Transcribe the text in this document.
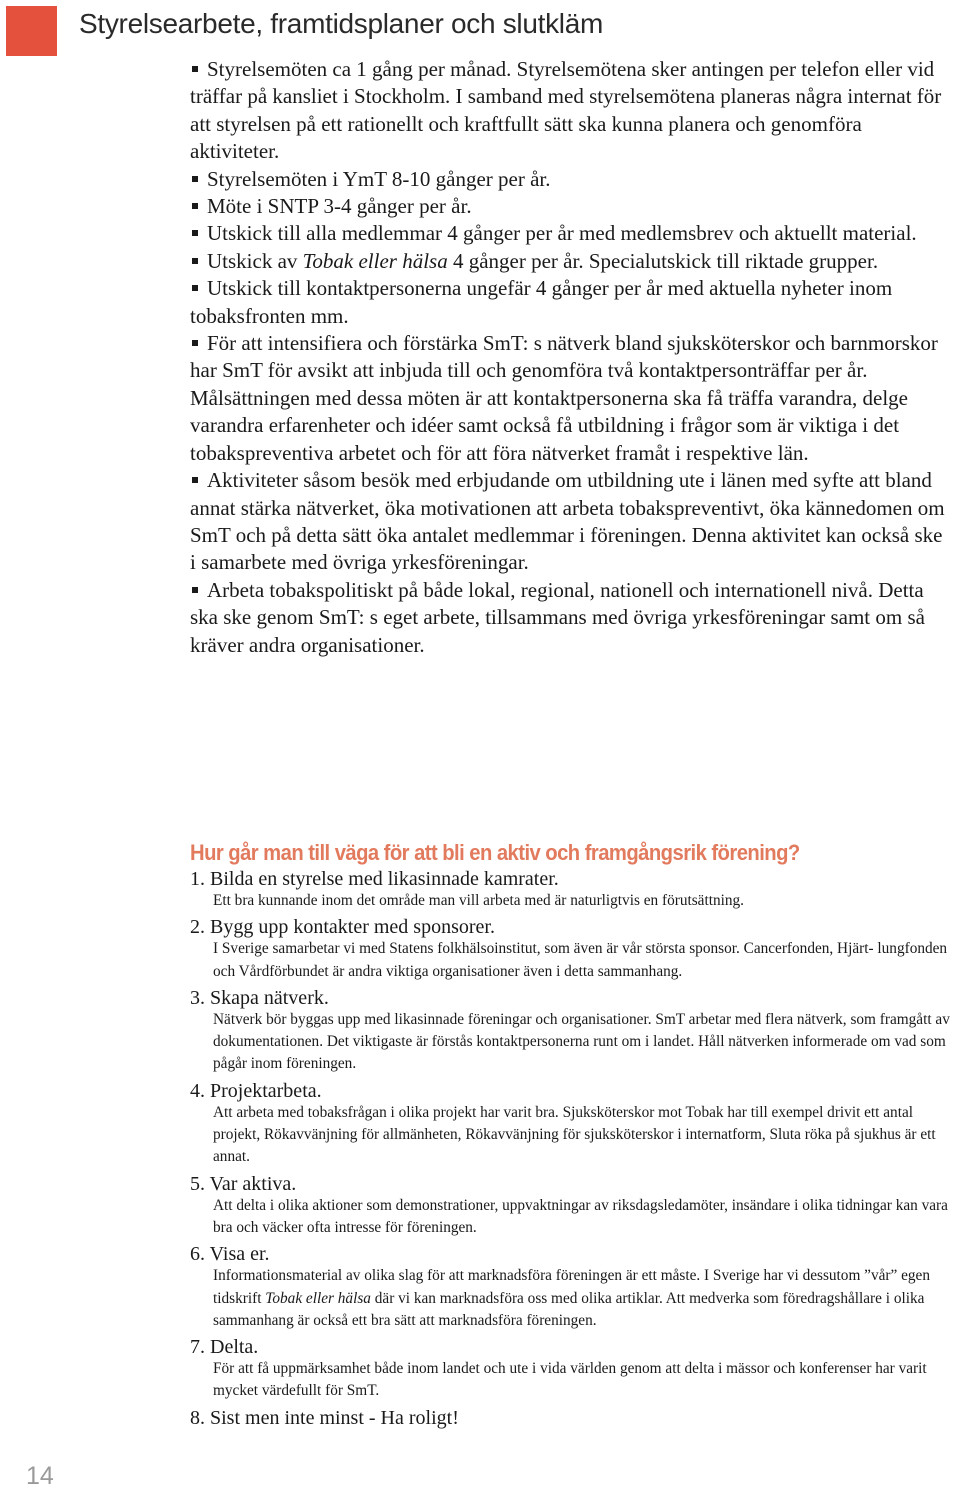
Styrelsearbete, framtidsplaner och slutkläm

Styrelsemöten ca 1 gång per månad. Styrelsemötena sker antingen per telefon eller vid träffar på kansliet i Stockholm. I samband med styrelsemötena planeras några internat för att styrelsen på ett rationellt och kraftfullt sätt ska kunna planera och genomföra aktiviteter.

Styrelsemöten i YmT 8-10 gånger per år.

Möte i SNTP 3-4 gånger per år.

Utskick till alla medlemmar 4 gånger per år med medlemsbrev och aktuellt material.

Utskick av Tobak eller hälsa 4 gånger per år. Specialutskick till riktade grupper.

Utskick till kontaktpersonerna ungefär 4 gånger per år med aktuella nyheter inom tobaksfronten mm.

För att intensifiera och förstärka SmT: s nätverk bland sjuksköterskor och barnmorskor har SmT för avsikt att inbjuda till och genomföra två kontaktpersonträffar per år. Målsättningen med dessa möten är att kontaktpersonerna ska få träffa varandra, delge varandra erfarenheter och idéer samt också få utbildning i frågor som är viktiga i det tobakspreventiva arbetet och för att föra nätverket framåt i respektive län.

Aktiviteter såsom besök med erbjudande om utbildning ute i länen med syfte att bland annat stärka nätverket, öka motivationen att arbeta tobakspreventivt, öka kännedomen om SmT och på detta sätt öka antalet medlemmar i föreningen. Denna aktivitet kan också ske i samarbete med övriga yrkesföreningar.

Arbeta tobakspolitiskt på både lokal, regional, nationell och internationell nivå. Detta ska ske genom SmT: s eget arbete, tillsammans med övriga yrkesföreningar samt om så kräver andra organisationer.

Hur går man till väga för att bli en aktiv och framgångsrik förening?

1. Bilda en styrelse med likasinnade kamrater.

Ett bra kunnande inom det område man vill arbeta med är naturligtvis en förutsättning.

2. Bygg upp kontakter med sponsorer.

I Sverige samarbetar vi med Statens folkhälsoinstitut, som även är vår största sponsor. Cancerfonden, Hjärt- lungfonden och Vårdförbundet är andra viktiga organisationer även i detta sammanhang.

3. Skapa nätverk.

Nätverk bör byggas upp med likasinnade föreningar och organisationer. SmT arbetar med flera nätverk, som framgått av dokumentationen. Det viktigaste är förstås kontaktpersonerna runt om i landet. Håll nätverken informerade om vad som pågår inom föreningen.

4. Projektarbeta.

Att arbeta med tobaksfrågan i olika projekt har varit bra. Sjuksköterskor mot Tobak har till exempel drivit ett antal projekt, Rökavvänjning för allmänheten, Rökavvänjning för sjuksköterskor i internatform, Sluta röka på sjukhus är ett annat.

5. Var aktiva.

Att delta i olika aktioner som demonstrationer, uppvaktningar av riksdagsledamöter, insändare i olika tidningar kan vara bra och väcker ofta intresse för föreningen.

6. Visa er.

Informationsmaterial av olika slag för att marknadsföra föreningen är ett måste. I Sverige har vi dessutom ”vår” egen tidskrift Tobak eller hälsa där vi kan marknadsföra oss med olika artiklar. Att medverka som föredragshållare i olika sammanhang är också ett bra sätt att marknadsföra föreningen.

7. Delta.

För att få uppmärksamhet både inom landet och ute i vida världen genom att delta i mässor och konferenser har varit mycket värdefullt för SmT.

8. Sist men inte minst - Ha roligt!

14
